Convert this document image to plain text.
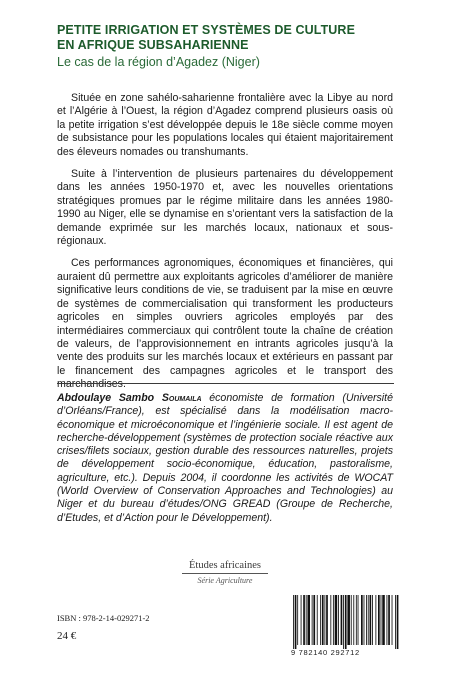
PETITE IRRIGATION ET SYSTÈMES DE CULTURE
EN AFRIQUE SUBSAHARIENNE
Le cas de la région d’Agadez (Niger)

Située en zone sahélo-saharienne frontalière avec la Libye au nord et l’Algérie à l’Ouest, la région d’Agadez comprend plusieurs oasis où la petite irrigation s’est développée depuis le 18e siècle comme moyen de subsistance pour les populations locales qui étaient majoritairement des éleveurs nomades ou transhumants.

Suite à l’intervention de plusieurs partenaires du développement dans les années 1950-1970 et, avec les nouvelles orientations stratégiques promues par le régime militaire dans les années 1980-1990 au Niger, elle se dynamise en s’orientant vers la satisfaction de la demande exprimée sur les marchés locaux, nationaux et sous-régionaux.

Ces performances agronomiques, économiques et financières, qui auraient dû permettre aux exploitants agricoles d’améliorer de manière significative leurs conditions de vie, se traduisent par la mise en œuvre de systèmes de commercialisation qui transforment les producteurs agricoles en simples ouvriers agricoles employés par des intermédiaires commerciaux qui contrôlent toute la chaîne de création de valeurs, de l’approvisionnement en intrants agricoles jusqu’à la vente des produits sur les marchés locaux et extérieurs en passant par le financement des campagnes agricoles et le transport des marchandises.

Abdoulaye Sambo Soumaila économiste de formation (Université d’Orléans/France), est spécialisé dans la modélisation macro-économique et microéconomique et l’ingénierie sociale. Il est agent de recherche-développement (systèmes de protection sociale réactive aux crises/filets sociaux, gestion durable des ressources naturelles, projets de développement socio-économique, éducation, pastoralisme, agriculture, etc.). Depuis 2004, il coordonne les activités de WOCAT (World Overview of Conservation Approaches and Technologies) au Niger et du bureau d’études/ONG GREAD (Groupe de Recherche, d’Etudes, et d’Action pour le Développement).
Études africaines
Série Agriculture
ISBN : 978-2-14-029271-2
24 €
9 782140 292712
